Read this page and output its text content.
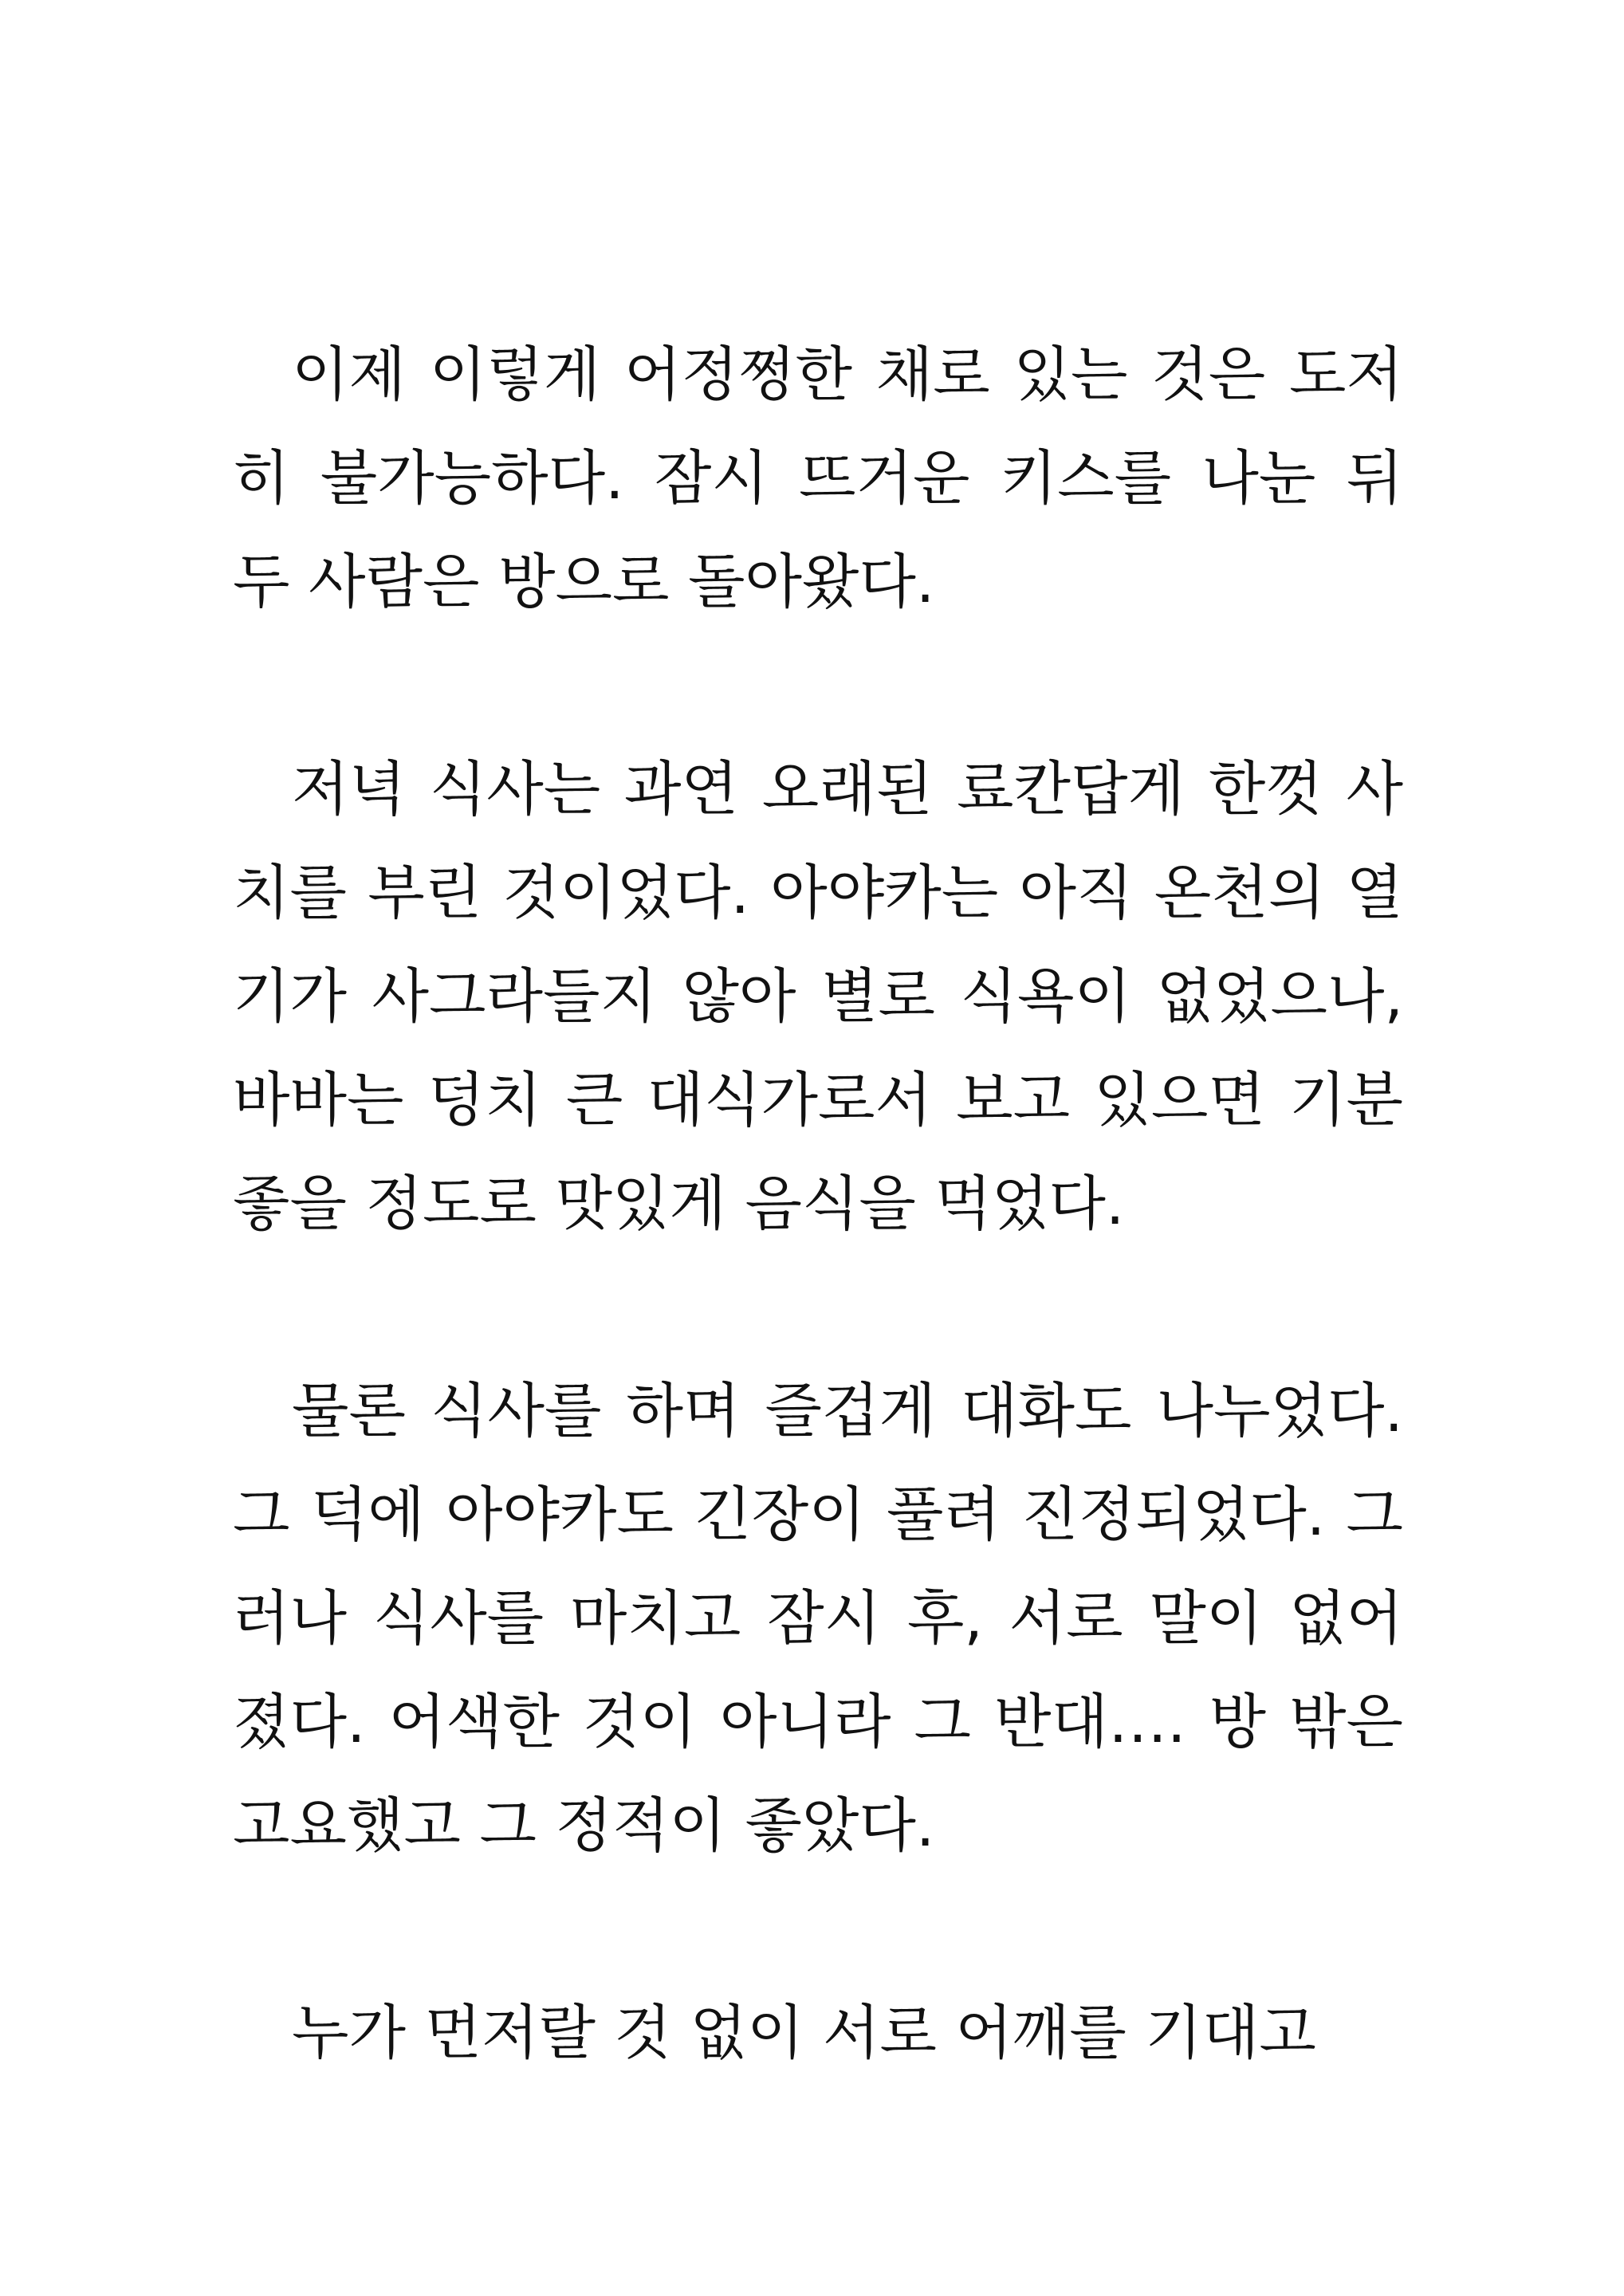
이제 이렇게 어정쩡한 채로 있는 것은 도저히 불가능하다. 잠시 뜨거운 키스를 나눈 뒤 두 사람은 방으로 돌아왔다.

저녁 식사는 과연 오래된 료칸답게 한껏 사치를 부린 것이었다. 아야카는 아직 온천의 열기가 사그라들지 않아 별로 식욕이 없었으나, 바바는 덩치 큰 대식가로서 보고 있으면 기분 좋을 정도로 맛있게 음식을 먹었다.

물론 식사를 하며 즐겁게 대화도 나누었다. 그 덕에 아야카도 긴장이 풀려 진정되었다. 그러나 식사를 마치고 잠시 후, 서로 말이 없어졌다. 어색한 것이 아니라 그 반대…. 방 밖은 고요했고 그 정적이 좋았다.

누가 먼저랄 것 없이 서로 어깨를 기대고
